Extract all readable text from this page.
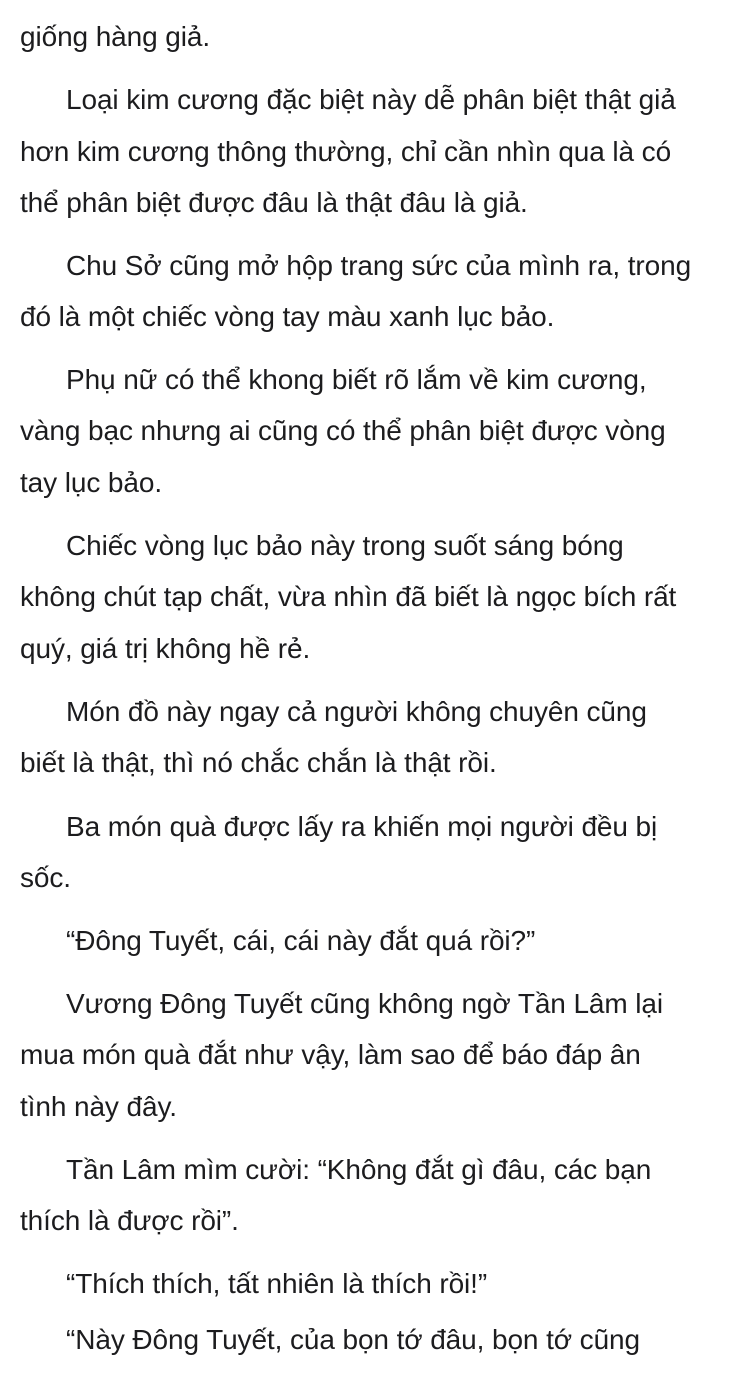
giống hàng giả.
Loại kim cương đặc biệt này dễ phân biệt thật giả
hơn kim cương thông thường, chỉ cần nhìn qua là có
thể phân biệt được đâu là thật đâu là giả.
Chu Sở cũng mở hộp trang sức của mình ra, trong
đó là một chiếc vòng tay màu xanh lục bảo.
Phụ nữ có thể khong biết rõ lắm về kim cương,
vàng bạc nhưng ai cũng có thể phân biệt được vòng
tay lục bảo.
Chiếc vòng lục bảo này trong suốt sáng bóng
không chút tạp chất, vừa nhìn đã biết là ngọc bích rất
quý, giá trị không hề rẻ.
Món đồ này ngay cả người không chuyên cũng
biết là thật, thì nó chắc chắn là thật rồi.
Ba món quà được lấy ra khiến mọi người đều bị
sốc.
“Đông Tuyết, cái, cái này đắt quá rồi?”
Vương Đông Tuyết cũng không ngờ Tần Lâm lại
mua món quà đắt như vậy, làm sao để báo đáp ân
tình này đây.
Tần Lâm mìm cười: “Không đắt gì đâu, các bạn
thích là được rồi”.
“Thích thích, tất nhiên là thích rồi!”
“Này Đông Tuyết, của bọn tớ đâu, bọn tớ cũng
